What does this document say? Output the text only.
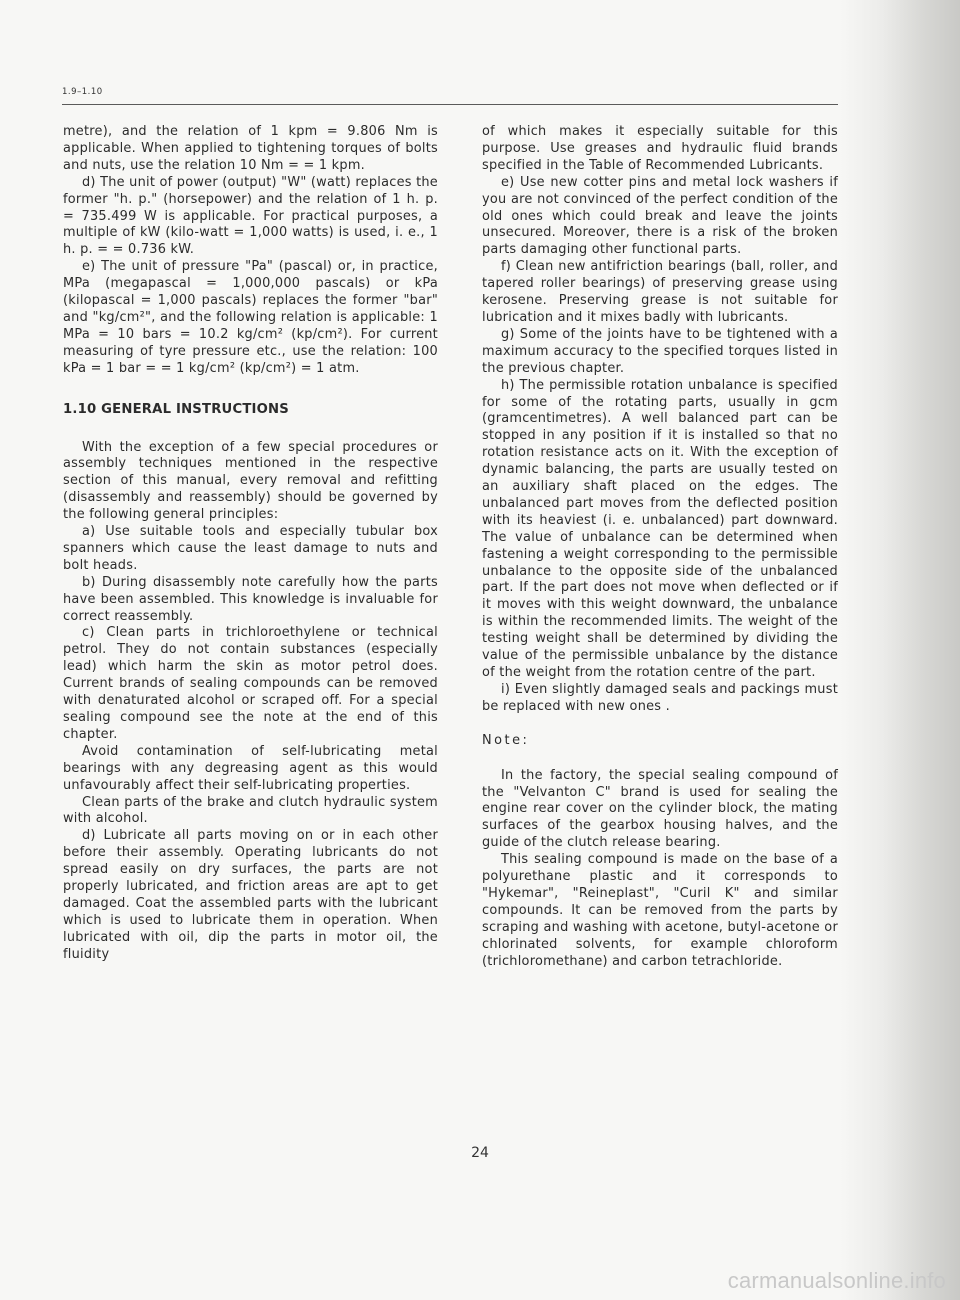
1.9–1.10

metre), and the relation of 1 kpm = 9.806 Nm is applicable. When applied to tightening torques of bolts and nuts, use the relation 10 Nm = = 1 kpm.

d) The unit of power (output) "W" (watt) replaces the former "h. p." (horsepower) and the relation of 1 h. p. = 735.499 W is applicable. For practical purposes, a multiple of kW (kilo-watt = 1,000 watts) is used, i. e., 1 h. p. = = 0.736 kW.

e) The unit of pressure "Pa" (pascal) or, in practice, MPa (megapascal = 1,000,000 pascals) or kPa (kilopascal = 1,000 pascals) replaces the former "bar" and "kg/cm²", and the following relation is applicable: 1 MPa = 10 bars = 10.2 kg/cm² (kp/cm²). For current measuring of tyre pressure etc., use the relation: 100 kPa = 1 bar = = 1 kg/cm² (kp/cm²) = 1 atm.

1.10 GENERAL INSTRUCTIONS

With the exception of a few special procedures or assembly techniques mentioned in the respective section of this manual, every removal and refitting (disassembly and reassembly) should be governed by the following general principles:

a) Use suitable tools and especially tubular box spanners which cause the least damage to nuts and bolt heads.

b) During disassembly note carefully how the parts have been assembled. This knowledge is invaluable for correct reassembly.

c) Clean parts in trichloroethylene or technical petrol. They do not contain substances (especially lead) which harm the skin as motor petrol does. Current brands of sealing compounds can be removed with denaturated alcohol or scraped off. For a special sealing compound see the note at the end of this chapter.

Avoid contamination of self-lubricating metal bearings with any degreasing agent as this would unfavourably affect their self-lubricating properties.

Clean parts of the brake and clutch hydraulic system with alcohol.

d) Lubricate all parts moving on or in each other before their assembly. Operating lubricants do not spread easily on dry surfaces, the parts are not properly lubricated, and friction areas are apt to get damaged. Coat the assembled parts with the lubricant which is used to lubricate them in operation. When lubricated with oil, dip the parts in motor oil, the fluidity

of which makes it especially suitable for this purpose. Use greases and hydraulic fluid brands specified in the Table of Recommended Lubricants.

e) Use new cotter pins and metal lock washers if you are not convinced of the perfect condition of the old ones which could break and leave the joints unsecured. Moreover, there is a risk of the broken parts damaging other functional parts.

f) Clean new antifriction bearings (ball, roller, and tapered roller bearings) of preserving grease using kerosene. Preserving grease is not suitable for lubrication and it mixes badly with lubricants.

g) Some of the joints have to be tightened with a maximum accuracy to the specified torques listed in the previous chapter.

h) The permissible rotation unbalance is specified for some of the rotating parts, usually in gcm (gramcentimetres). A well balanced part can be stopped in any position if it is installed so that no rotation resistance acts on it. With the exception of dynamic balancing, the parts are usually tested on an auxiliary shaft placed on the edges. The unbalanced part moves from the deflected position with its heaviest (i. e. unbalanced) part downward. The value of unbalance can be determined when fastening a weight corresponding to the permissible unbalance to the opposite side of the unbalanced part. If the part does not move when deflected or if it moves with this weight downward, the unbalance is within the recommended limits. The weight of the testing weight shall be determined by dividing the value of the permissible unbalance by the distance of the weight from the rotation centre of the part.

i) Even slightly damaged seals and packings must be replaced with new ones .

Note:

In the factory, the special sealing compound of the "Velvanton C" brand is used for sealing the engine rear cover on the cylinder block, the mating surfaces of the gearbox housing halves, and the guide of the clutch release bearing.

This sealing compound is made on the base of a polyurethane plastic and it corresponds to "Hykemar", "Reineplast", "Curil K" and similar compounds. It can be removed from the parts by scraping and washing with acetone, butyl-acetone or chlorinated solvents, for example chloroform (trichloromethane) and carbon tetrachloride.

24
carmanualsonline.info
